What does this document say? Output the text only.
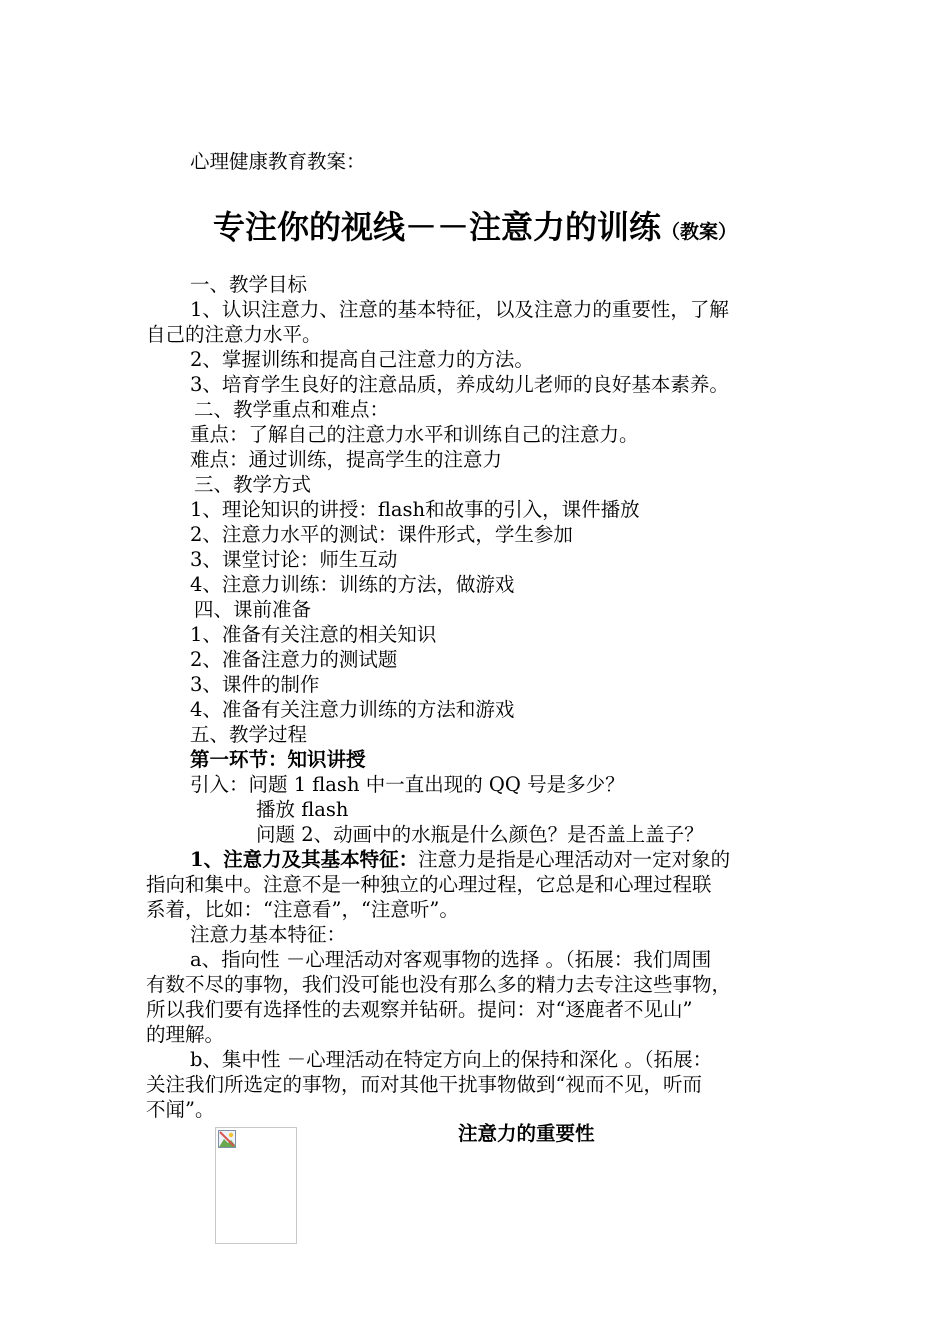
心理健康教育教案：
专注你的视线－－注意力的训练（教案）
一、教学目标
1、认识注意力、注意的基本特征，以及注意力的重要性，了解
自己的注意力水平。
2、掌握训练和提高自己注意力的方法。
3、培育学生良好的注意品质，养成幼儿老师的良好基本素养。
二、教学重点和难点：
重点：了解自己的注意力水平和训练自己的注意力。
难点：通过训练，提高学生的注意力
三、教学方式
1、理论知识的讲授：flash和故事的引入，课件播放
2、注意力水平的测试：课件形式，学生参加
3、课堂讨论：师生互动
4、注意力训练：训练的方法，做游戏
四、课前准备
1、准备有关注意的相关知识
2、准备注意力的测试题
3、课件的制作
4、准备有关注意力训练的方法和游戏
五、教学过程
第一环节：知识讲授
引入：问题 1 flash 中一直出现的 QQ 号是多少？
播放 flash
问题 2、动画中的水瓶是什么颜色？是否盖上盖子？
1、注意力及其基本特征：注意力是指是心理活动对一定对象的
指向和集中。注意不是一种独立的心理过程，它总是和心理过程联
系着，比如：“注意看”，“注意听”。
注意力基本特征：
a、指向性 －心理活动对客观事物的选择 。（拓展：我们周围
有数不尽的事物，我们没可能也没有那么多的精力去专注这些事物，
所以我们要有选择性的去观察并钻研。提问：对“逐鹿者不见山”
的理解。
b、集中性 －心理活动在特定方向上的保持和深化 。（拓展：
关注我们所选定的事物，而对其他干扰事物做到“视而不见，听而
不闻”。
注意力的重要性
